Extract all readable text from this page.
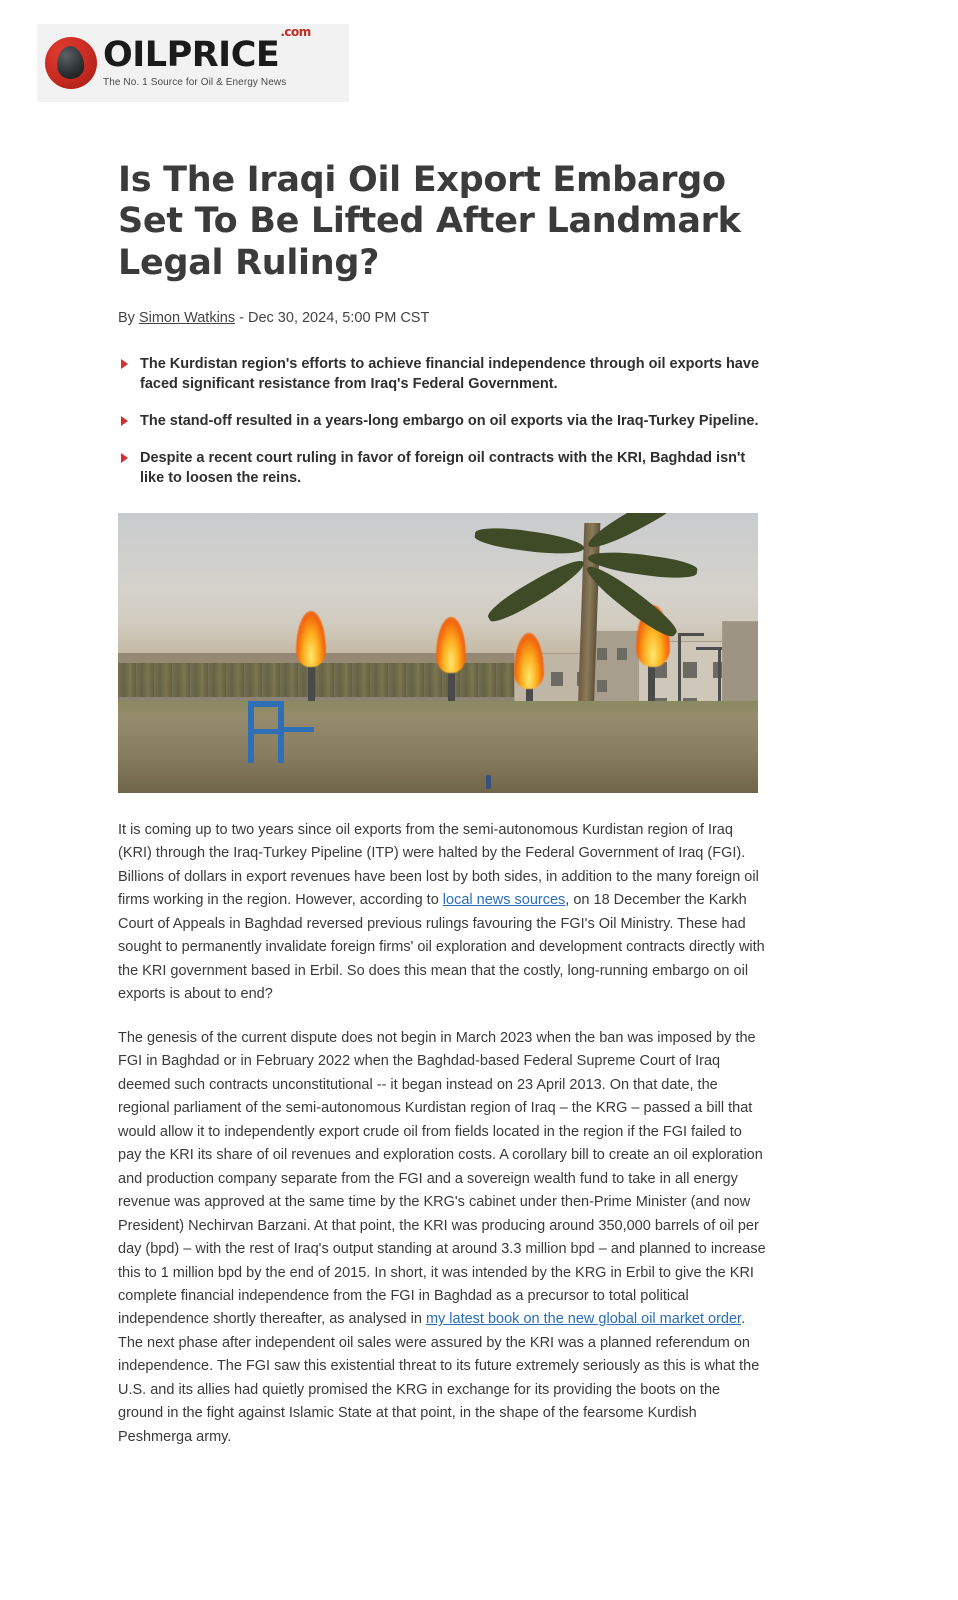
$OILPRICE^{.com}$
The No. 1 Source for Oil & Energy News
Is The Iraqi Oil Export Embargo Set To Be Lifted After Landmark Legal Ruling?
By Simon Watkins - Dec 30, 2024, 5:00 PM CST
The Kurdistan region's efforts to achieve financial independence through oil exports have faced significant resistance from Iraq's Federal Government.
The stand-off resulted in a years-long embargo on oil exports via the Iraq-Turkey Pipeline.
Despite a recent court ruling in favor of foreign oil contracts with the KRI, Baghdad isn't like to loosen the reins.

It is coming up to two years since oil exports from the semi-autonomous Kurdistan region of Iraq (KRI) through the Iraq-Turkey Pipeline (ITP) were halted by the Federal Government of Iraq (FGI). Billions of dollars in export revenues have been lost by both sides, in addition to the many foreign oil firms working in the region. However, according to local news sources, on 18 December the Karkh Court of Appeals in Baghdad reversed previous rulings favouring the FGI's Oil Ministry. These had sought to permanently invalidate foreign firms' oil exploration and development contracts directly with the KRI government based in Erbil. So does this mean that the costly, long-running embargo on oil exports is about to end?

The genesis of the current dispute does not begin in March 2023 when the ban was imposed by the FGI in Baghdad or in February 2022 when the Baghdad-based Federal Supreme Court of Iraq deemed such contracts unconstitutional -- it began instead on 23 April 2013. On that date, the regional parliament of the semi-autonomous Kurdistan region of Iraq – the KRG – passed a bill that would allow it to independently export crude oil from fields located in the region if the FGI failed to pay the KRI its share of oil revenues and exploration costs. A corollary bill to create an oil exploration and production company separate from the FGI and a sovereign wealth fund to take in all energy revenue was approved at the same time by the KRG's cabinet under then-Prime Minister (and now President) Nechirvan Barzani. At that point, the KRI was producing around 350,000 barrels of oil per day (bpd) – with the rest of Iraq's output standing at around 3.3 million bpd – and planned to increase this to 1 million bpd by the end of 2015. In short, it was intended by the KRG in Erbil to give the KRI complete financial independence from the FGI in Baghdad as a precursor to total political independence shortly thereafter, as analysed in my latest book on the new global oil market order. The next phase after independent oil sales were assured by the KRI was a planned referendum on independence. The FGI saw this existential threat to its future extremely seriously as this is what the U.S. and its allies had quietly promised the KRG in exchange for its providing the boots on the ground in the fight against Islamic State at that point, in the shape of the fearsome Kurdish Peshmerga army.
